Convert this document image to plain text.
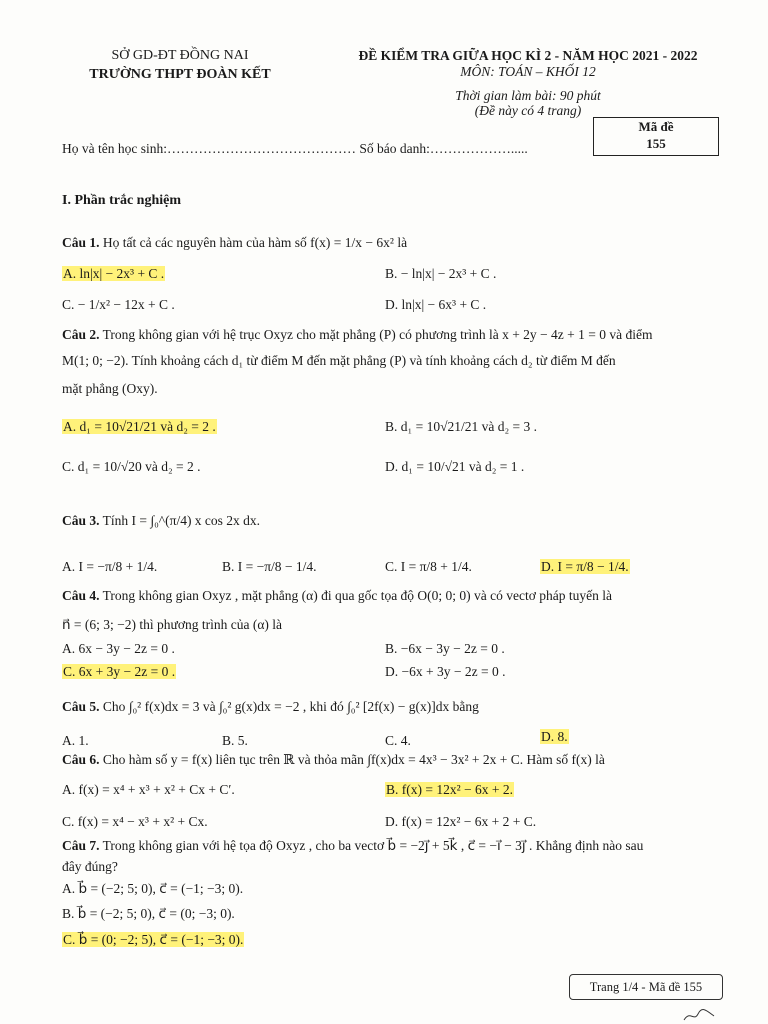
SỞ GD-ĐT ĐỒNG NAI
TRƯỜNG THPT ĐOÀN KẾT
ĐỀ KIỂM TRA GIỮA HỌC KÌ 2 - NĂM HỌC 2021 - 2022
MÔN: TOÁN – KHỐI 12
Thời gian làm bài: 90 phút
(Đề này có 4 trang)
Mã đề
155
Họ và tên học sinh:…………………………………… Số báo danh:……………….....
I. Phần trắc nghiệm
Câu 1. Họ tất cả các nguyên hàm của hàm số f(x) = 1/x − 6x² là
A. ln|x| − 2x³ + C .	B. − ln|x| − 2x³ + C .
C. − 1/x² − 12x + C .	D. ln|x| − 6x³ + C .
Câu 2. Trong không gian với hệ trục Oxyz cho mặt phẳng (P) có phương trình là x + 2y − 4z + 1 = 0 và điểm
M(1; 0; −2). Tính khoảng cách d₁ từ điểm M đến mặt phẳng (P) và tính khoảng cách d₂ từ điểm M đến
mặt phẳng (Oxy).
A. d₁ = 10√21/21 và d₂ = 2 .	B. d₁ = 10√21/21 và d₂ = 3 .
C. d₁ = 10/√20 và d₂ = 2 .	D. d₁ = 10/√21 và d₂ = 1 .
Câu 3. Tính I = ∫₀^(π/4) x cos 2x dx.
A. I = −π/8 + 1/4.	B. I = −π/8 − 1/4.	C. I = π/8 + 1/4.	D. I = π/8 − 1/4.
Câu 4. Trong không gian Oxyz , mặt phẳng (α) đi qua gốc tọa độ O(0; 0; 0) và có vectơ pháp tuyến là
n⃗ = (6; 3; −2) thì phương trình của (α) là
A. 6x − 3y − 2z = 0 .	B. −6x − 3y − 2z = 0 .
C. 6x + 3y − 2z = 0 .	D. −6x + 3y − 2z = 0 .
Câu 5. Cho ∫₀² f(x)dx = 3 và ∫₀² g(x)dx = −2 , khi đó ∫₀² [2f(x) − g(x)]dx bằng
A. 1.	B. 5.	C. 4.	D. 8.
Câu 6. Cho hàm số y = f(x) liên tục trên ℝ và thỏa mãn ∫f(x)dx = 4x³ − 3x² + 2x + C. Hàm số f(x) là
A. f(x) = x⁴ + x³ + x² + Cx + C′.	B. f(x) = 12x² − 6x + 2.
C. f(x) = x⁴ − x³ + x² + Cx.	D. f(x) = 12x² − 6x + 2 + C.
Câu 7. Trong không gian với hệ tọa độ Oxyz , cho ba vectơ b⃗ = −2j⃗ + 5k⃗ , c⃗ = −i⃗ − 3j⃗ . Khẳng định nào sau
đây đúng?
A. b⃗ = (−2; 5; 0), c⃗ = (−1; −3; 0).
B. b⃗ = (−2; 5; 0), c⃗ = (0; −3; 0).
C. b⃗ = (0; −2; 5), c⃗ = (−1; −3; 0).
Trang 1/4 - Mã đề 155
